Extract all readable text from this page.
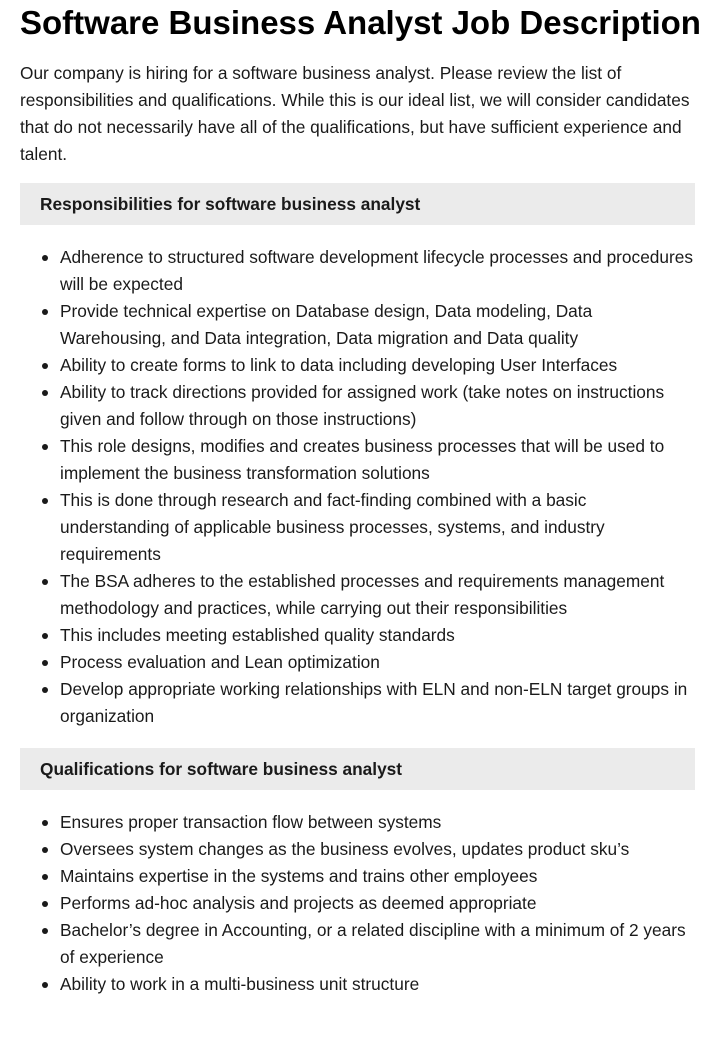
Software Business Analyst Job Description

Our company is hiring for a software business analyst. Please review the list of responsibilities and qualifications. While this is our ideal list, we will consider candidates that do not necessarily have all of the qualifications, but have sufficient experience and talent.

Responsibilities for software business analyst
Adherence to structured software development lifecycle processes and procedures will be expected
Provide technical expertise on Database design, Data modeling, Data Warehousing, and Data integration, Data migration and Data quality
Ability to create forms to link to data including developing User Interfaces
Ability to track directions provided for assigned work (take notes on instructions given and follow through on those instructions)
This role designs, modifies and creates business processes that will be used to implement the business transformation solutions
This is done through research and fact-finding combined with a basic understanding of applicable business processes, systems, and industry requirements
The BSA adheres to the established processes and requirements management methodology and practices, while carrying out their responsibilities
This includes meeting established quality standards
Process evaluation and Lean optimization
Develop appropriate working relationships with ELN and non-ELN target groups in organization
Qualifications for software business analyst
Ensures proper transaction flow between systems
Oversees system changes as the business evolves, updates product sku’s
Maintains expertise in the systems and trains other employees
Performs ad-hoc analysis and projects as deemed appropriate
Bachelor’s degree in Accounting, or a related discipline with a minimum of 2 years of experience
Ability to work in a multi-business unit structure
